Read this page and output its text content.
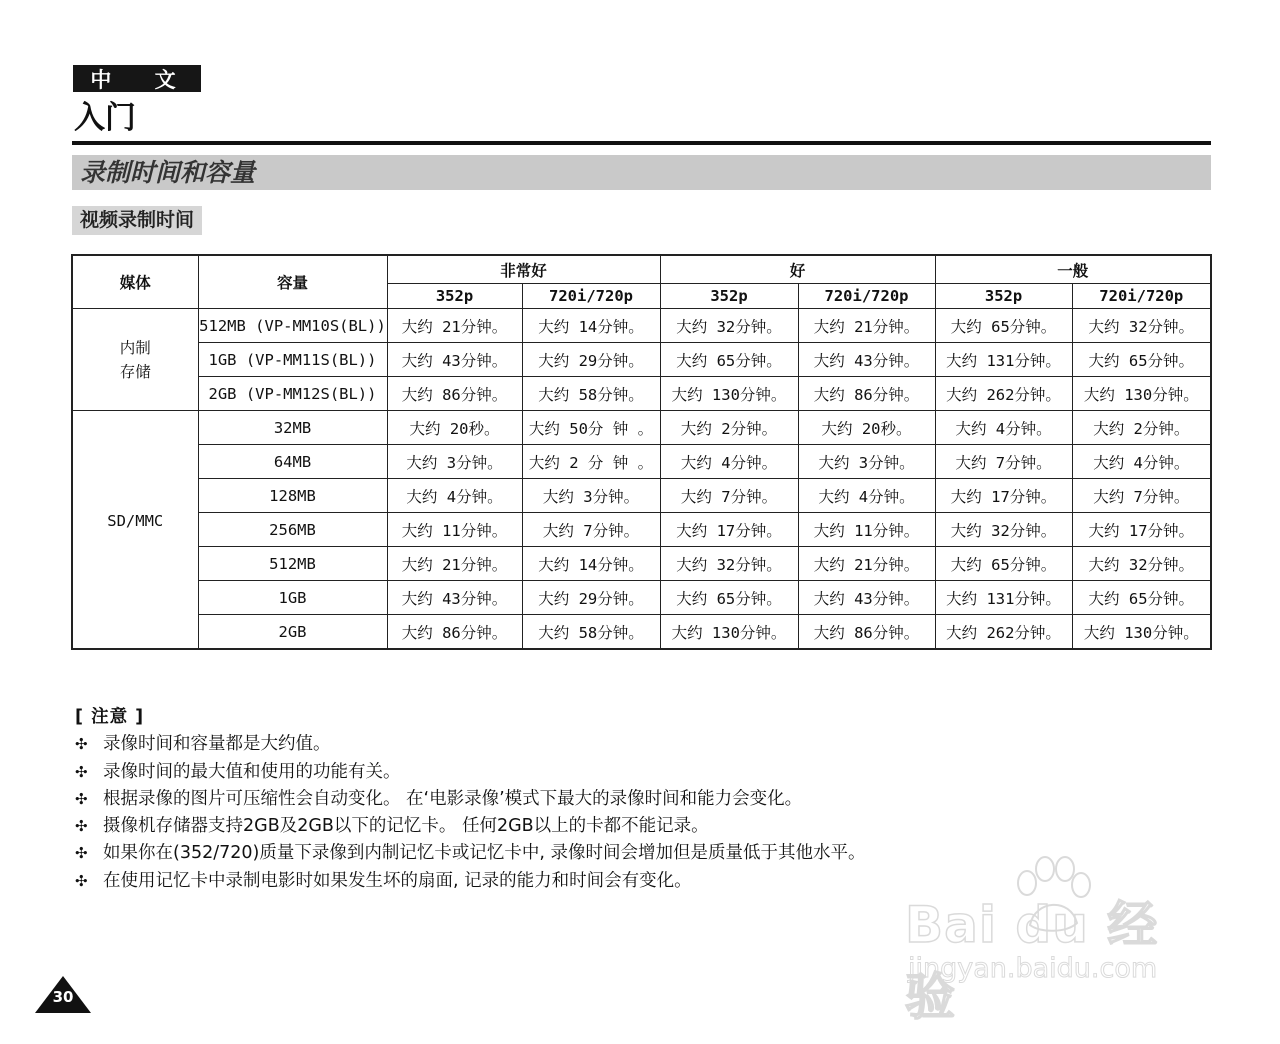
中 文
入门
录制时间和容量
视频录制时间
媒体	容量	非常好		好		一般	
		352p	720i/720p	352p	720i/720p	352p	720i/720p
内制
存储	512MB (VP-MM10S(BL))	大约 21分钟。	大约 14分钟。	大约 32分钟。	大约 21分钟。	大约 65分钟。	大约 32分钟。
	1GB (VP-MM11S(BL))	大约 43分钟。	大约 29分钟。	大约 65分钟。	大约 43分钟。	大约 131分钟。	大约 65分钟。
	2GB (VP-MM12S(BL))	大约 86分钟。	大约 58分钟。	大约 130分钟。	大约 86分钟。	大约 262分钟。	大约 130分钟。
SD/MMC	32MB	大约 20秒。	大约 50分 钟 。	大约 2分钟。	大约 20秒。	大约 4分钟。	大约 2分钟。
	64MB	大约 3分钟。	大约 2 分 钟 。	大约 4分钟。	大约 3分钟。	大约 7分钟。	大约 4分钟。
	128MB	大约 4分钟。	大约 3分钟。	大约 7分钟。	大约 4分钟。	大约 17分钟。	大约 7分钟。
	256MB	大约 11分钟。	大约 7分钟。	大约 17分钟。	大约 11分钟。	大约 32分钟。	大约 17分钟。
	512MB	大约 21分钟。	大约 14分钟。	大约 32分钟。	大约 21分钟。	大约 65分钟。	大约 32分钟。
	1GB	大约 43分钟。	大约 29分钟。	大约 65分钟。	大约 43分钟。	大约 131分钟。	大约 65分钟。
	2GB	大约 86分钟。	大约 58分钟。	大约 130分钟。	大约 86分钟。	大约 262分钟。	大约 130分钟。
[ 注意 ]
✣ 录像时间和容量都是大约值。
✣ 录像时间的最大值和使用的功能有关。
✣ 根据录像的图片可压缩性会自动变化。 在‘电影录像’模式下最大的录像时间和能力会变化。
✣ 摄像机存储器支持2GB及2GB以下的记忆卡。 任何2GB以上的卡都不能记录。
✣ 如果你在(352/720)质量下录像到内制记忆卡或记忆卡中, 录像时间会增加但是质量低于其他水平。
✣ 在使用记忆卡中录制电影时如果发生坏的扇面, 记录的能力和时间会有变化。
30
Bai du 经验
jingyan.baidu.com
